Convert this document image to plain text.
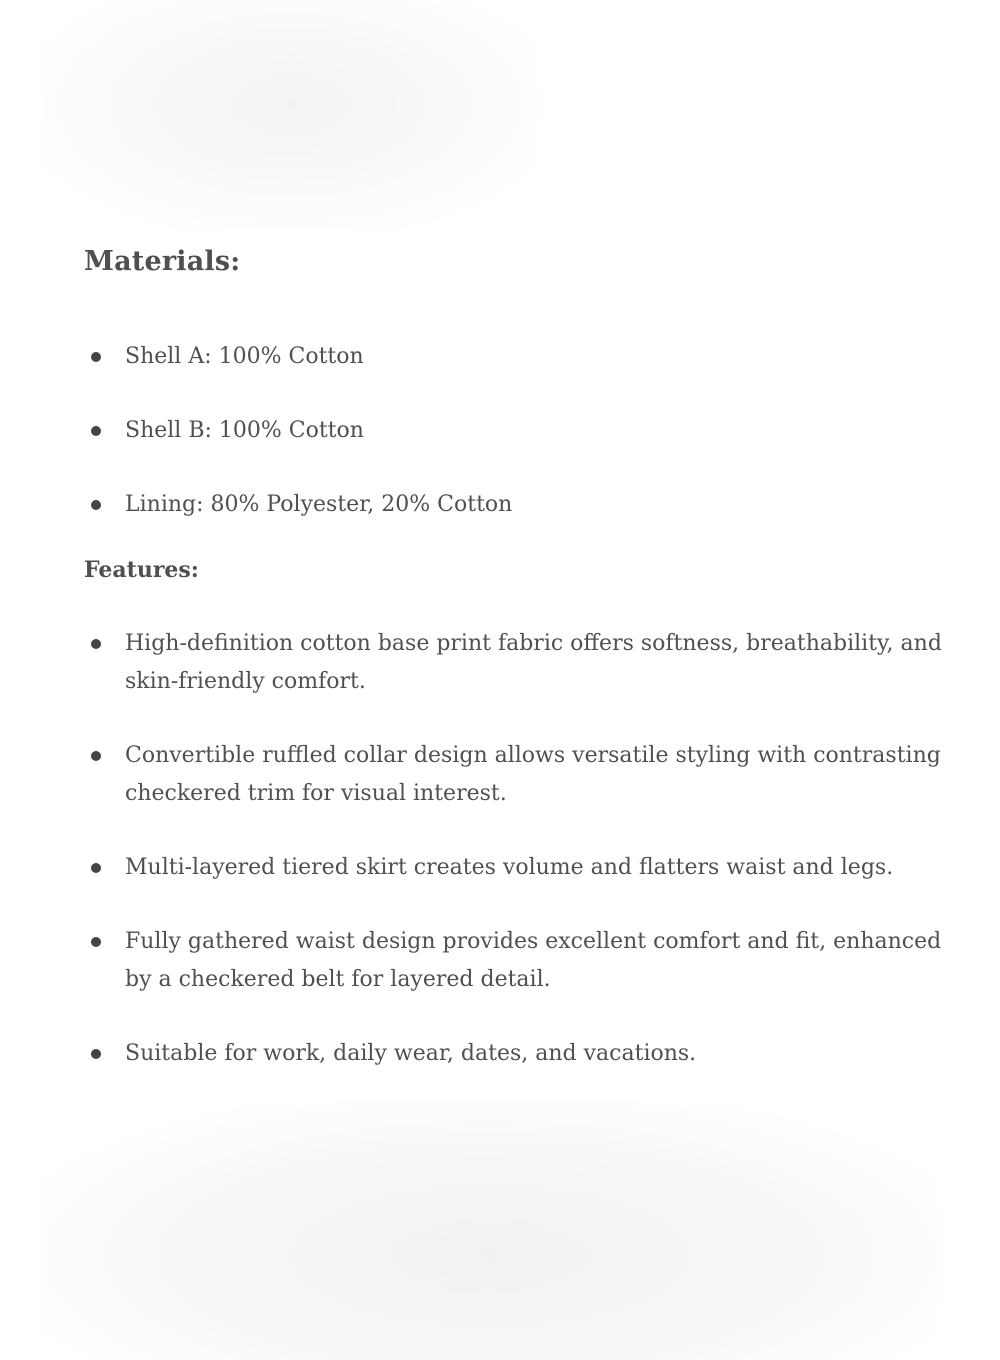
Materials:
Shell A: 100% Cotton
Shell B: 100% Cotton
Lining: 80% Polyester, 20% Cotton
Features:
High-definition cotton base print fabric offers softness, breathability, and skin-friendly comfort.
Convertible ruffled collar design allows versatile styling with contrasting checkered trim for visual interest.
Multi-layered tiered skirt creates volume and flatters waist and legs.
Fully gathered waist design provides excellent comfort and fit, enhanced by a checkered belt for layered detail.
Suitable for work, daily wear, dates, and vacations.
